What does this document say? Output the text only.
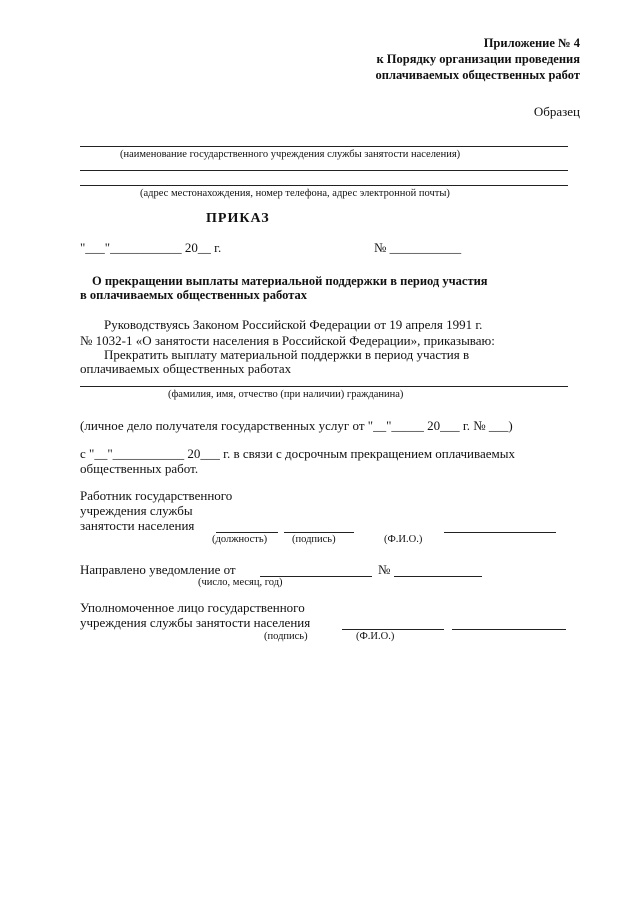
Приложение № 4
к Порядку организации проведения
оплачиваемых общественных работ
Образец
(наименование государственного учреждения службы занятости населения)
(адрес местонахождения, номер телефона, адрес электронной почты)
ПРИКАЗ
"___"___________ 20__ г.	№ ___________
О прекращении выплаты материальной поддержки в период участия
в оплачиваемых общественных работах
Руководствуясь Законом Российской Федерации от 19 апреля 1991 г.
№ 1032-1 «О занятости населения в Российской Федерации», приказываю:
Прекратить выплату материальной поддержки в период участия в
оплачиваемых общественных работах
(фамилия, имя, отчество (при наличии) гражданина)
(личное дело получателя государственных услуг от "__"_____ 20___ г. № ___)
с "__"___________ 20___ г. в связи с досрочным прекращением оплачиваемых
общественных работ.
Работник государственного
учреждения службы
занятости населения
(должность) (подпись)	(Ф.И.О.)
Направлено уведомление от	№
(число, месяц, год)
Уполномоченное лицо государственного
учреждения службы занятости населения
(подпись)	(Ф.И.О.)
